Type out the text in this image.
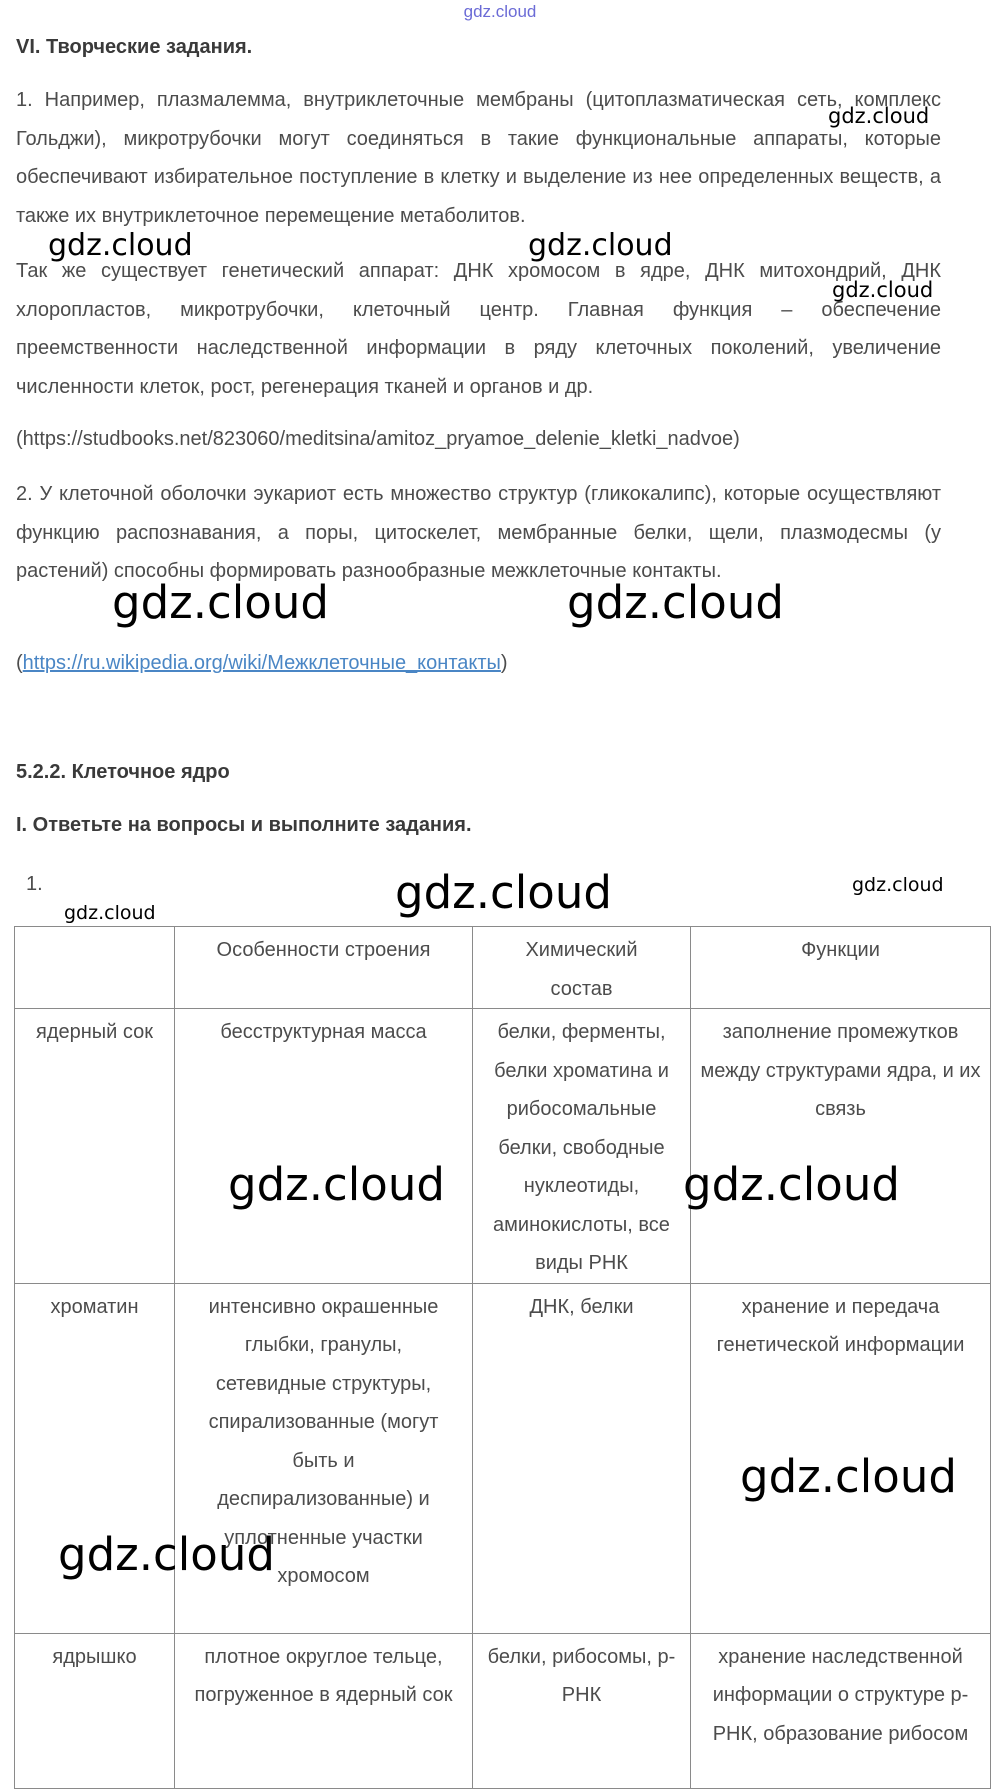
gdz.cloud
VI. Творческие задания.

1. Например, плазмалемма, внутриклеточные мембраны (цитоплазматическая сеть, комплекс Гольджи), микротрубочки могут соединяться в такие функциональные аппараты, которые обеспечивают избирательное поступление в клетку и выделение из нее определенных веществ, а также их внутриклеточное перемещение метаболитов.

Так же существует генетический аппарат: ДНК хромосом в ядре, ДНК митохондрий, ДНК хлоропластов, микротрубочки, клеточный центр. Главная функция – обеспечение преемственности наследственной информации в ряду клеточных поколений, увеличение численности клеток, рост, регенерация тканей и органов и др.

(https://studbooks.net/823060/meditsina/amitoz_pryamoe_delenie_kletki_nadvoe)

2. У клеточной оболочки эукариот есть множество структур (гликокалипс), которые осуществляют функцию распознавания, а поры, цитоскелет, мембранные белки, щели, плазмодесмы (у растений) способны формировать разнообразные межклеточные контакты.

(https://ru.wikipedia.org/wiki/Межклеточные_контакты)
5.2.2. Клеточное ядро
I. Ответьте на вопросы и выполните задания.
1.
	Особенности строения	Химический состав	Функции
ядерный сок	бесструктурная масса	белки, ферменты, белки хроматина и рибосомальные белки, свободные нуклеотиды, аминокислоты, все виды РНК	заполнение промежутков между структурами ядра, и их связь
хроматин	интенсивно окрашенные глыбки, гранулы, сетевидные структуры, спирализованные (могут быть и деспирализованные) и уплотненные участки хромосом	ДНК, белки	хранение и передача генетической информации
ядрышко	плотное округлое тельце, погруженное в ядерный сок	белки, рибосомы, р-РНК	хранение наследственной информации о структуре р-РНК, образование рибосом
gdz.cloud
gdz.cloud	gdz.cloud
gdz.cloud
gdz.cloud	gdz.cloud
gdz.cloud	gdz.cloud
gdz.cloud
gdz.cloud	gdz.cloud
gdz.cloud
gdz.cloud
